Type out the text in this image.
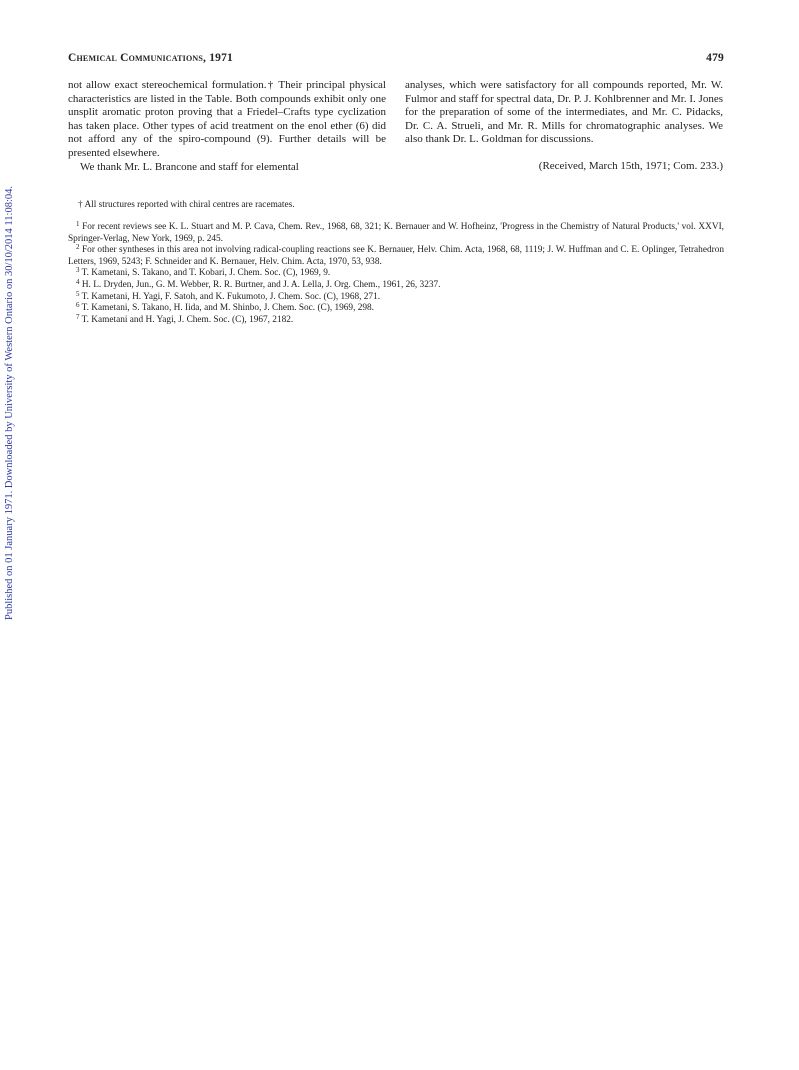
Published on 01 January 1971. Downloaded by University of Western Ontario on 30/10/2014 11:08:04.
Chemical Communications, 1971	479

not allow exact stereochemical formulation.† Their principal physical characteristics are listed in the Table. Both compounds exhibit only one unsplit aromatic proton proving that a Friedel–Crafts type cyclization has taken place. Other types of acid treatment on the enol ether (6) did not afford any of the spiro-compound (9). Further details will be presented elsewhere.

We thank Mr. L. Brancone and staff for elemental

analyses, which were satisfactory for all compounds reported, Mr. W. Fulmor and staff for spectral data, Dr. P. J. Kohlbrenner and Mr. I. Jones for the preparation of some of the intermediates, and Mr. C. Pidacks, Dr. C. A. Strueli, and Mr. R. Mills for chromatographic analyses. We also thank Dr. L. Goldman for discussions.

(Received, March 15th, 1971; Com. 233.)

† All structures reported with chiral centres are racemates.

$^1$ For recent reviews see K. L. Stuart and M. P. Cava, Chem. Rev., 1968, 68, 321; K. Bernauer and W. Hofheinz, 'Progress in the Chemistry of Natural Products,' vol. XXVI, Springer-Verlag, New York, 1969, p. 245.

$^2$ For other syntheses in this area not involving radical-coupling reactions see K. Bernauer, Helv. Chim. Acta, 1968, 68, 1119; J. W. Huffman and C. E. Oplinger, Tetrahedron Letters, 1969, 5243; F. Schneider and K. Bernauer, Helv. Chim. Acta, 1970, 53, 938.

$^3$ T. Kametani, S. Takano, and T. Kobari, J. Chem. Soc. (C), 1969, 9.

$^4$ H. L. Dryden, Jun., G. M. Webber, R. R. Burtner, and J. A. Lella, J. Org. Chem., 1961, 26, 3237.

$^5$ T. Kametani, H. Yagi, F. Satoh, and K. Fukumoto, J. Chem. Soc. (C), 1968, 271.

$^6$ T. Kametani, S. Takano, H. Iida, and M. Shinbo, J. Chem. Soc. (C), 1969, 298.

$^7$ T. Kametani and H. Yagi, J. Chem. Soc. (C), 1967, 2182.
